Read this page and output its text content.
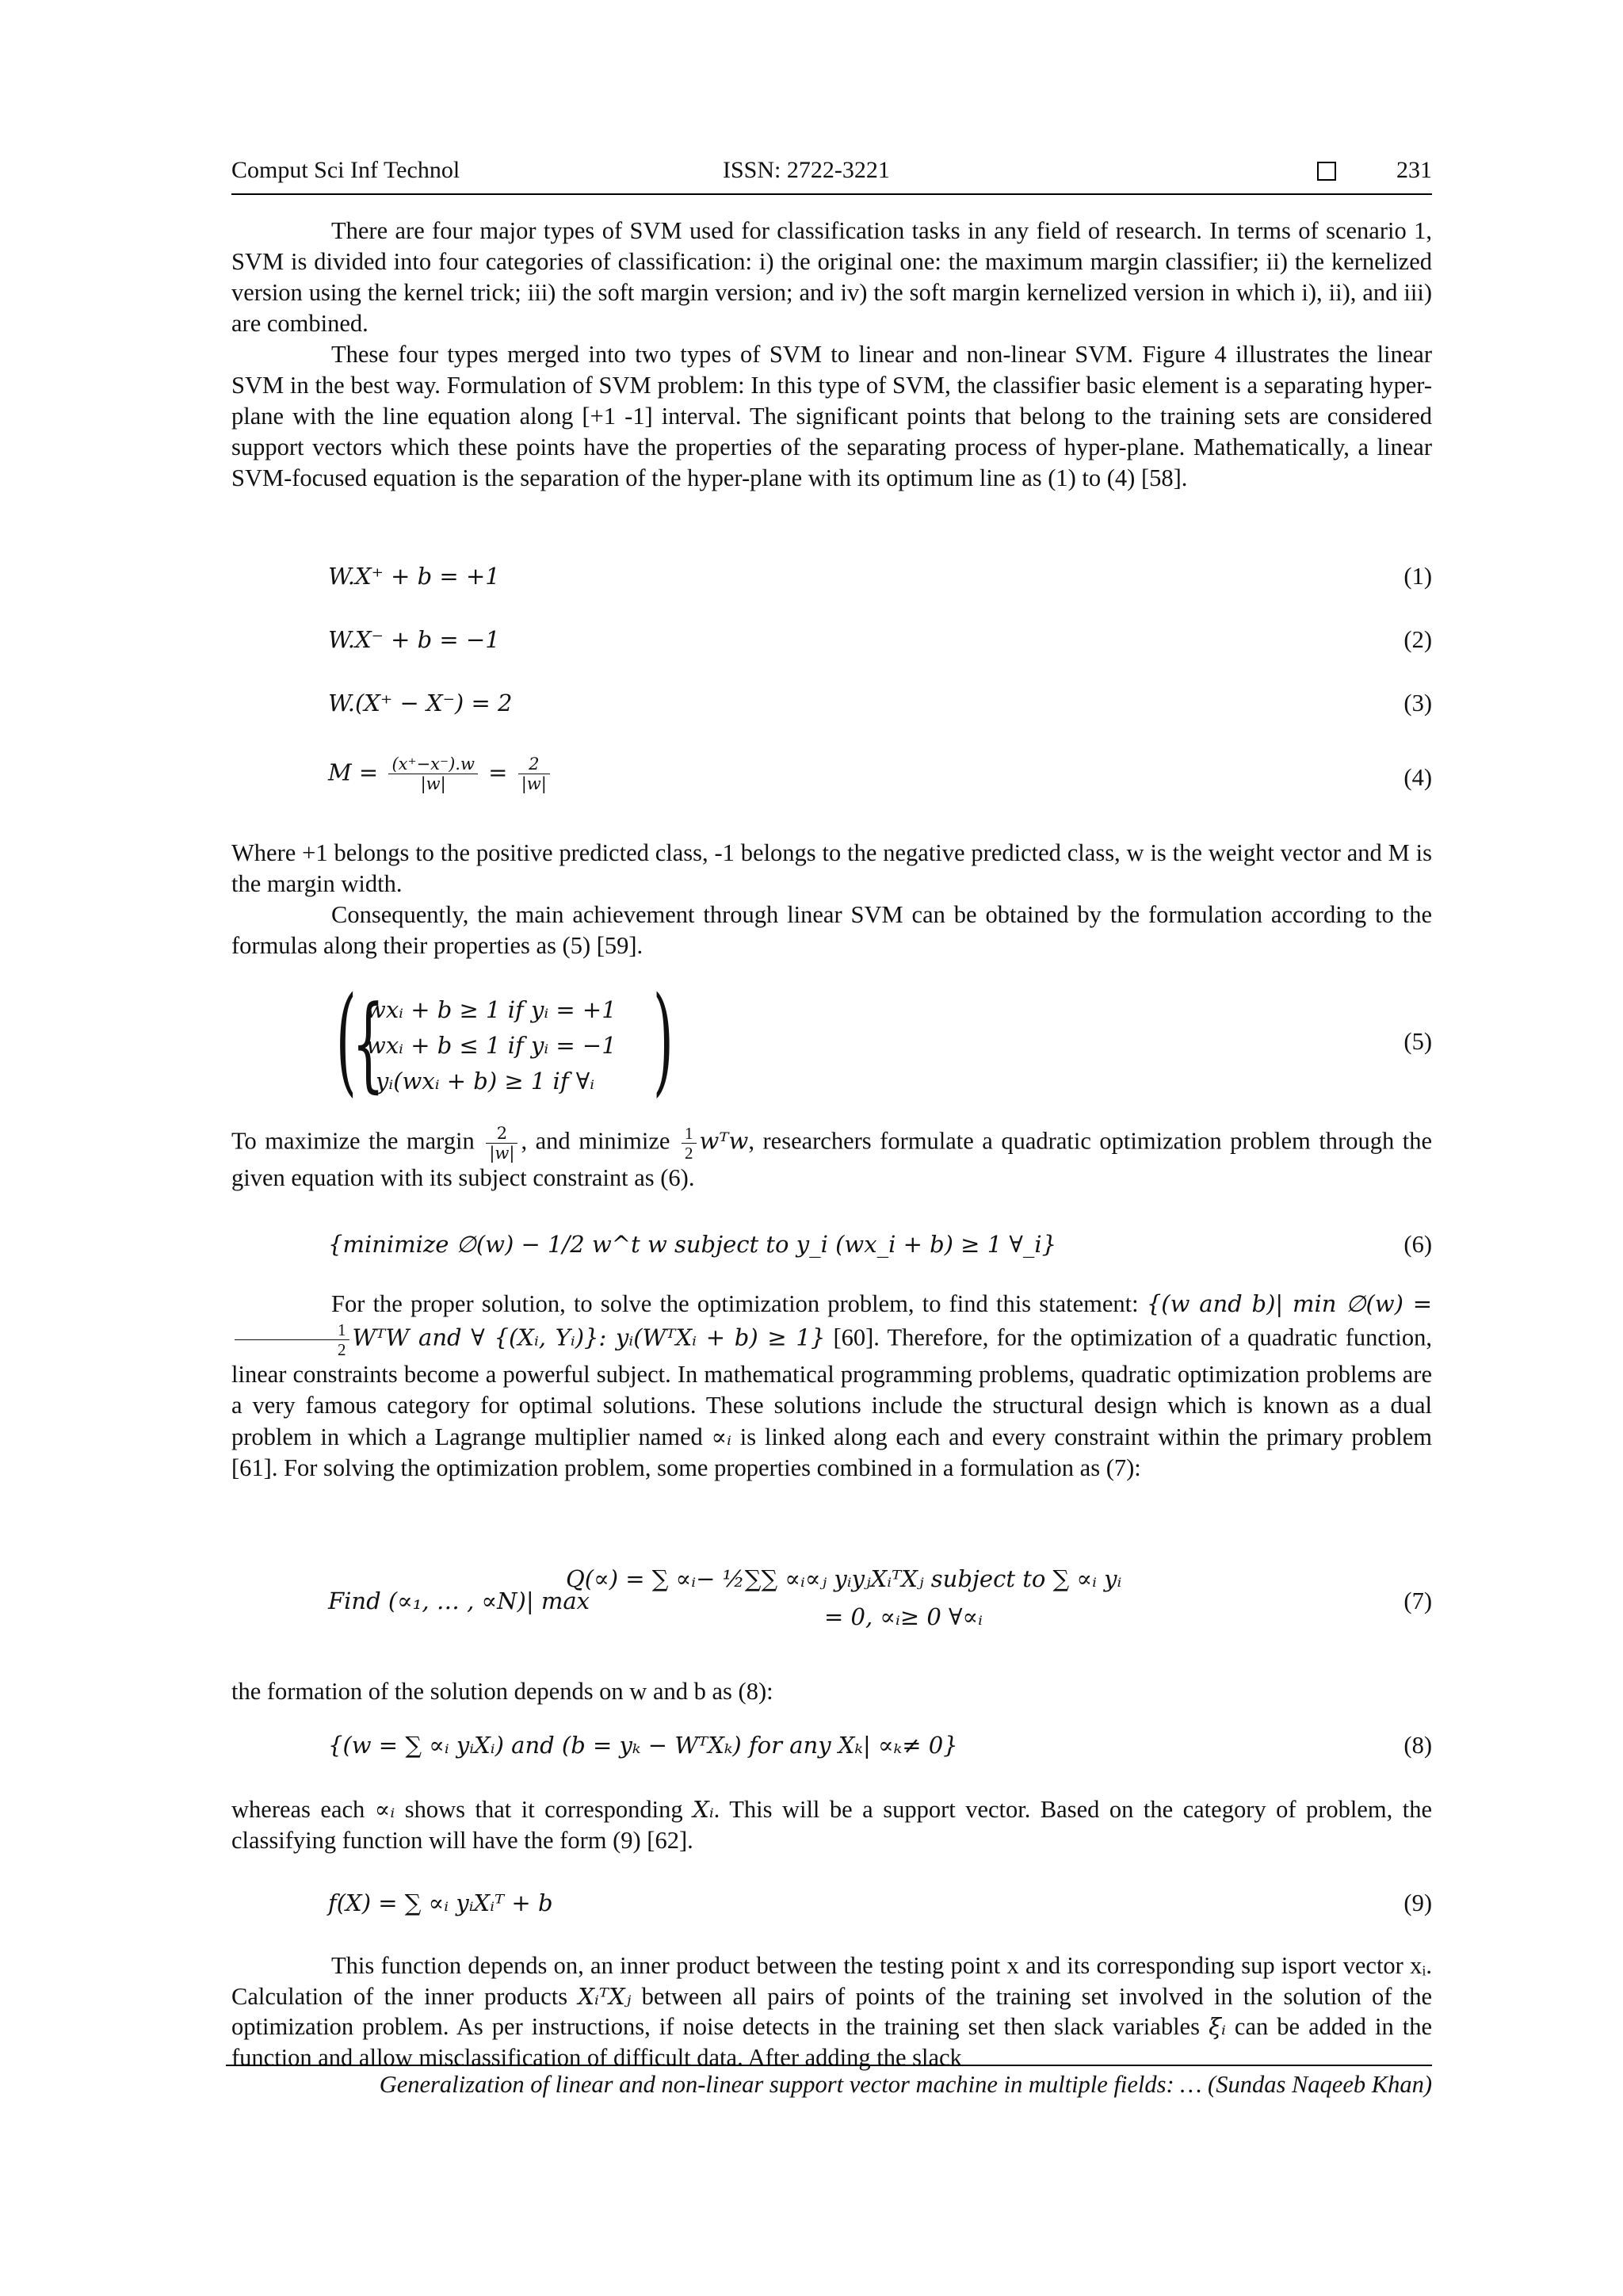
Comput Sci Inf Technol	ISSN: 2722-3221	231

There are four major types of SVM used for classification tasks in any field of research. In terms of scenario 1, SVM is divided into four categories of classification: i) the original one: the maximum margin classifier; ii) the kernelized version using the kernel trick; iii) the soft margin version; and iv) the soft margin kernelized version in which i), ii), and iii) are combined.

These four types merged into two types of SVM to linear and non-linear SVM. Figure 4 illustrates the linear SVM in the best way. Formulation of SVM problem: In this type of SVM, the classifier basic element is a separating hyper-plane with the line equation along [+1 -1] interval. The significant points that belong to the training sets are considered support vectors which these points have the properties of the separating process of hyper-plane. Mathematically, a linear SVM-focused equation is the separation of the hyper-plane with its optimum line as (1) to (4) [58].

W.X⁺ + b = +1	(1)
W.X⁻ + b = −1	(2)
W.(X⁺ − X⁻) = 2	(3)
$M = \frac{(x^+-x^-).w}{|w|} = \frac{2}{|w|}$	(4)

Where +1 belongs to the positive predicted class, -1 belongs to the negative predicted class, w is the weight vector and M is the margin width.

Consequently, the main achievement through linear SVM can be obtained by the formulation according to the formulas along their properties as (5) [59].

(
{
wxᵢ + b ≥ 1 if yᵢ = +1
wxᵢ + b ≤ 1 if yᵢ = −1
yᵢ(wxᵢ + b) ≥ 1 if ∀ᵢ )	(5)

To maximize the margin $\frac{2}{|w|}$ , and minimize $\frac{1}{2}$ wᵀw, researchers formulate a quadratic optimization problem through the given equation with its subject constraint as (6).

{minimize ∅(w) − 1/2 w^t w subject to y_i (wx_i + b) ≥ 1 ∀_i}	(6)

For the proper solution, to solve the optimization problem, to find this statement: {(w and b)| min ∅(w) =
$\frac{1}{2}$ WᵀW and ∀ {(Xᵢ, Yᵢ)}: yᵢ(WᵀXᵢ + b) ≥ 1} [60]. Therefore, for the optimization of a quadratic function, linear constraints become a powerful subject. In mathematical programming problems, quadratic optimization problems are a very famous category for optimal solutions. These solutions include the structural design which is known as a dual problem in which a Lagrange multiplier named ∝ᵢ is linked along each and every constraint within the primary problem [61]. For solving the optimization problem, some properties combined in a formulation as (7):

Find (∝₁, … , ∝N)| max
Q(∝) = ∑ ∝ᵢ− ½∑∑ ∝ᵢ∝ⱼ yᵢyⱼXᵢᵀXⱼ subject to ∑ ∝ᵢ yᵢ
= 0, ∝ᵢ≥ 0 ∀∝ᵢ
(7)

the formation of the solution depends on w and b as (8):

{(w = ∑ ∝ᵢ yᵢXᵢ) and (b = yₖ − WᵀXₖ) for any Xₖ| ∝ₖ≠ 0}	(8)

whereas each ∝ᵢ shows that it corresponding Xᵢ. This will be a support vector. Based on the category of problem, the classifying function will have the form (9) [62].

f(X) = ∑ ∝ᵢ yᵢXᵢᵀ + b	(9)

This function depends on, an inner product between the testing point x and its corresponding sup isport vector xᵢ. Calculation of the inner products XᵢᵀXⱼ between all pairs of points of the training set involved in the solution of the optimization problem. As per instructions, if noise detects in the training set then slack variables ξᵢ can be added in the function and allow misclassification of difficult data. After adding the slack

Generalization of linear and non-linear support vector machine in multiple fields: … (Sundas Naqeeb Khan)
